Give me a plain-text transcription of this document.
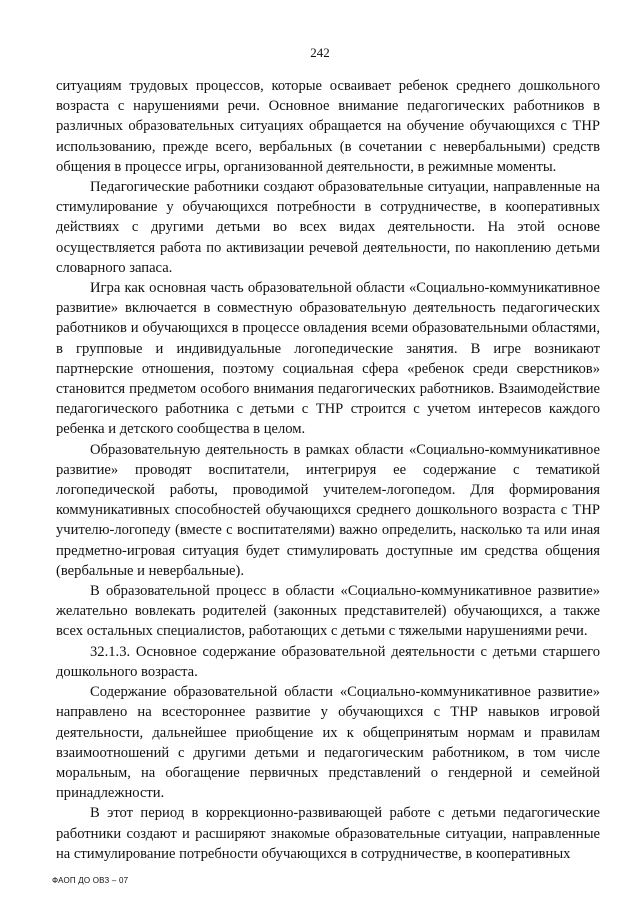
242

ситуациям трудовых процессов, которые осваивает ребенок среднего дошкольного возраста с нарушениями речи. Основное внимание педагогических работников в различных образовательных ситуациях обращается на обучение обучающихся с ТНР использованию, прежде всего, вербальных (в сочетании с невербальными) средств общения в процессе игры, организованной деятельности, в режимные моменты.

Педагогические работники создают образовательные ситуации, направленные на стимулирование у обучающихся потребности в сотрудничестве, в кооперативных действиях с другими детьми во всех видах деятельности. На этой основе осуществляется работа по активизации речевой деятельности, по накоплению детьми словарного запаса.

Игра как основная часть образовательной области «Социально-коммуникативное развитие» включается в совместную образовательную деятельность педагогических работников и обучающихся в процессе овладения всеми образовательными областями, в групповые и индивидуальные логопедические занятия. В игре возникают партнерские отношения, поэтому социальная сфера «ребенок среди сверстников» становится предметом особого внимания педагогических работников. Взаимодействие педагогического работника с детьми с ТНР строится с учетом интересов каждого ребенка и детского сообщества в целом.

Образовательную деятельность в рамках области «Социально-коммуникативное развитие» проводят воспитатели, интегрируя ее содержание с тематикой логопедической работы, проводимой учителем-логопедом. Для формирования коммуникативных способностей обучающихся среднего дошкольного возраста с ТНР учителю-логопеду (вместе с воспитателями) важно определить, насколько та или иная предметно-игровая ситуация будет стимулировать доступные им средства общения (вербальные и невербальные).

В образовательной процесс в области «Социально-коммуникативное развитие» желательно вовлекать родителей (законных представителей) обучающихся, а также всех остальных специалистов, работающих с детьми с тяжелыми нарушениями речи.

32.1.3. Основное содержание образовательной деятельности с детьми старшего дошкольного возраста.

Содержание образовательной области «Социально-коммуникативное развитие» направлено на всестороннее развитие у обучающихся с ТНР навыков игровой деятельности, дальнейшее приобщение их к общепринятым нормам и правилам взаимоотношений с другими детьми и педагогическим работником, в том числе моральным, на обогащение первичных представлений о гендерной и семейной принадлежности.

В этот период в коррекционно-развивающей работе с детьми педагогические работники создают и расширяют знакомые образовательные ситуации, направленные на стимулирование потребности обучающихся в сотрудничестве, в кооперативных

ФАОП ДО ОВЗ – 07
